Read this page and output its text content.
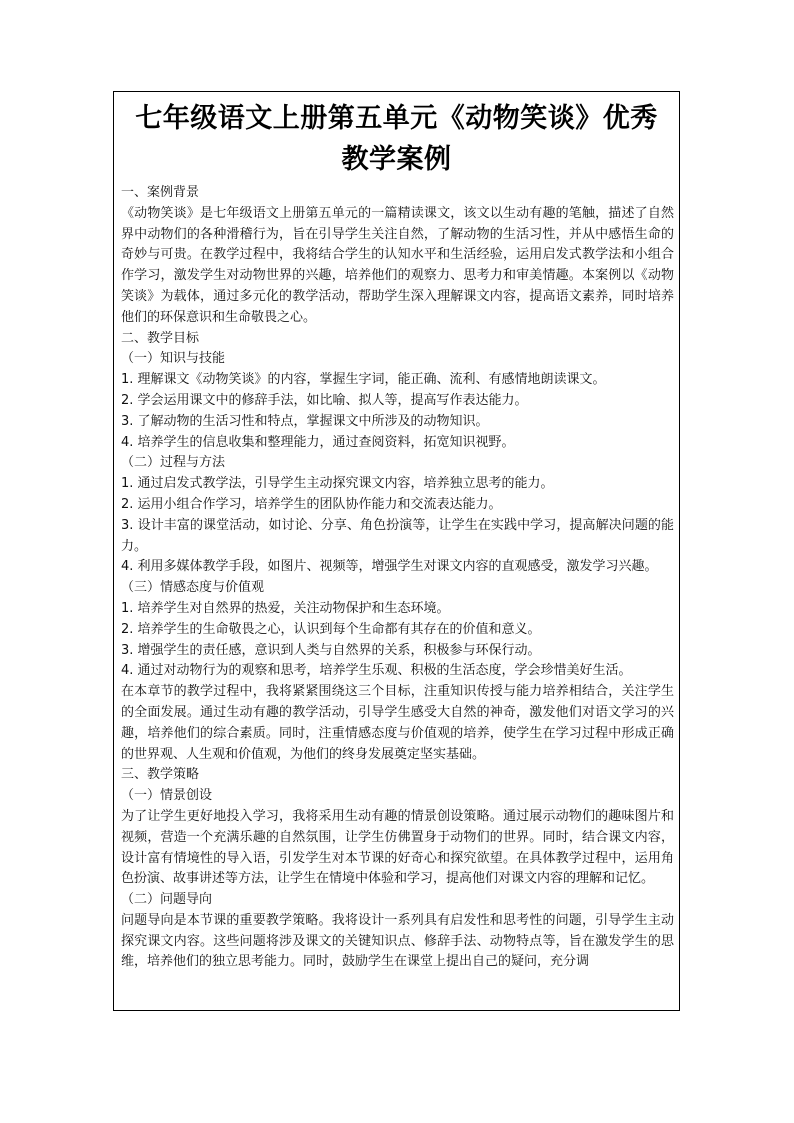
七年级语文上册第五单元《动物笑谈》优秀
教学案例

一、案例背景

《动物笑谈》是七年级语文上册第五单元的一篇精读课文，该文以生动有趣的笔触，描述了自然界中动物们的各种滑稽行为，旨在引导学生关注自然，了解动物的生活习性，并从中感悟生命的奇妙与可贵。在教学过程中，我将结合学生的认知水平和生活经验，运用启发式教学法和小组合作学习，激发学生对动物世界的兴趣，培养他们的观察力、思考力和审美情趣。本案例以《动物笑谈》为载体，通过多元化的教学活动，帮助学生深入理解课文内容，提高语文素养，同时培养他们的环保意识和生命敬畏之心。

二、教学目标

（一）知识与技能

1. 理解课文《动物笑谈》的内容，掌握生字词，能正确、流利、有感情地朗读课文。

2. 学会运用课文中的修辞手法，如比喻、拟人等，提高写作表达能力。

3. 了解动物的生活习性和特点，掌握课文中所涉及的动物知识。

4. 培养学生的信息收集和整理能力，通过查阅资料，拓宽知识视野。

（二）过程与方法

1. 通过启发式教学法，引导学生主动探究课文内容，培养独立思考的能力。

2. 运用小组合作学习，培养学生的团队协作能力和交流表达能力。

3. 设计丰富的课堂活动，如讨论、分享、角色扮演等，让学生在实践中学习，提高解决问题的能力。

4. 利用多媒体教学手段，如图片、视频等，增强学生对课文内容的直观感受，激发学习兴趣。

（三）情感态度与价值观

1. 培养学生对自然界的热爱，关注动物保护和生态环境。

2. 培养学生的生命敬畏之心，认识到每个生命都有其存在的价值和意义。

3. 增强学生的责任感，意识到人类与自然界的关系，积极参与环保行动。

4. 通过对动物行为的观察和思考，培养学生乐观、积极的生活态度，学会珍惜美好生活。

在本章节的教学过程中，我将紧紧围绕这三个目标，注重知识传授与能力培养相结合，关注学生的全面发展。通过生动有趣的教学活动，引导学生感受大自然的神奇，激发他们对语文学习的兴趣，培养他们的综合素质。同时，注重情感态度与价值观的培养，使学生在学习过程中形成正确的世界观、人生观和价值观，为他们的终身发展奠定坚实基础。

三、教学策略

（一）情景创设

为了让学生更好地投入学习，我将采用生动有趣的情景创设策略。通过展示动物们的趣味图片和视频，营造一个充满乐趣的自然氛围，让学生仿佛置身于动物们的世界。同时，结合课文内容，设计富有情境性的导入语，引发学生对本节课的好奇心和探究欲望。在具体教学过程中，运用角色扮演、故事讲述等方法，让学生在情境中体验和学习，提高他们对课文内容的理解和记忆。

（二）问题导向

问题导向是本节课的重要教学策略。我将设计一系列具有启发性和思考性的问题，引导学生主动探究课文内容。这些问题将涉及课文的关键知识点、修辞手法、动物特点等，旨在激发学生的思维，培养他们的独立思考能力。同时，鼓励学生在课堂上提出自己的疑问，充分调
